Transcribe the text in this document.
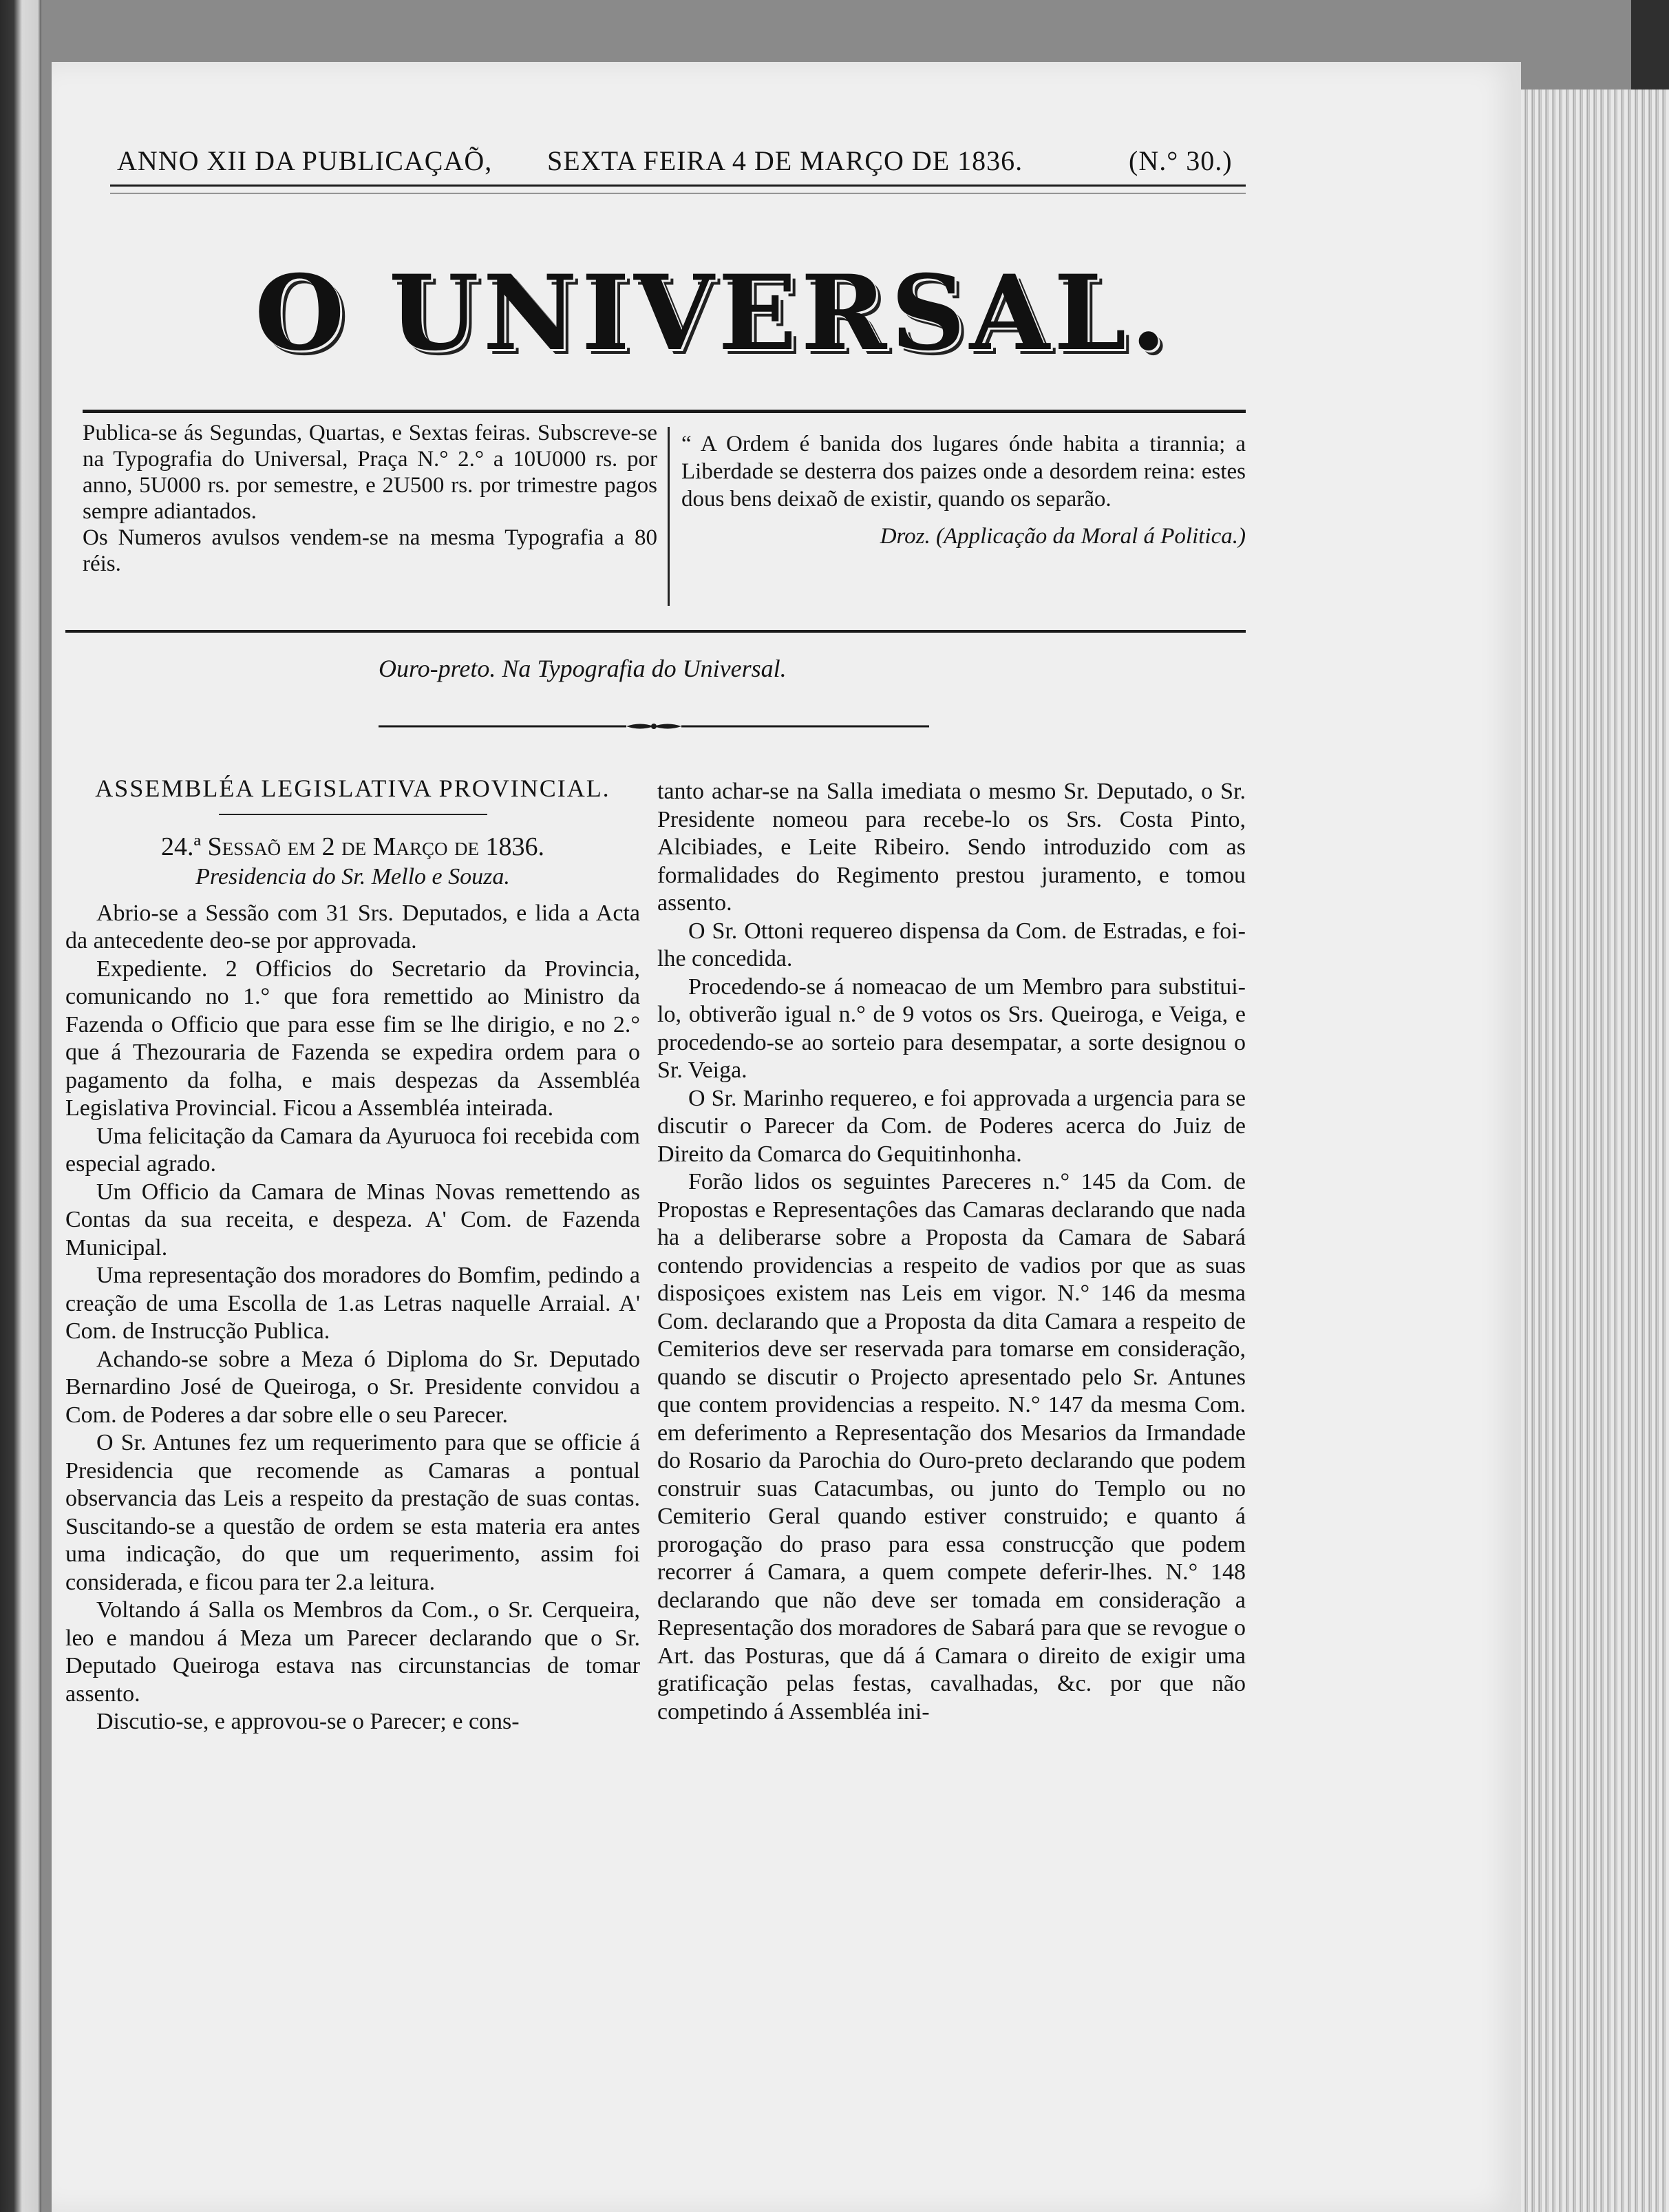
ANNO XII DA PUBLICAÇAÕ, SEXTA FEIRA 4 DE MARÇO DE 1836.	(N.° 30.)
O UNIVERSAL.
Publica-se ás Segundas, Quartas, e Sextas feiras. Subscreve-se na Typografia do Universal, Praça N.° 2.° a 10U000 rs. por anno, 5U000 rs. por semestre, e 2U500 rs. por trimestre pagos sempre adiantados.
Os Numeros avulsos vendem-se na mesma Typografia a 80 réis.
“ A Ordem é banida dos lugares ónde habita a tirannia; a Liberdade se desterra dos paizes onde a desordem reina: estes dous bens deixaõ de existir, quando os separão.
Droz. (Applicação da Moral á Politica.)
Ouro-preto. Na Typografia do Universal.
ASSEMBLÉA LEGISLATIVA PROVINCIAL.
24.ª Sessaõ em 2 de Março de 1836.
Presidencia do Sr. Mello e Souza.

Abrio-se a Sessão com 31 Srs. Deputados, e lida a Acta da antecedente deo-se por approvada.

Expediente. 2 Officios do Secretario da Provincia, comunicando no 1.° que fora remettido ao Ministro da Fazenda o Officio que para esse fim se lhe dirigio, e no 2.° que á Thezouraria de Fazenda se expedira ordem para o pagamento da folha, e mais despezas da Assembléa Legislativa Provincial. Ficou a Assembléa inteirada.

Uma felicitação da Camara da Ayuruoca foi recebida com especial agrado.

Um Officio da Camara de Minas Novas remettendo as Contas da sua receita, e despeza. A' Com. de Fazenda Municipal.

Uma representação dos moradores do Bomfim, pedindo a creação de uma Escolla de 1.as Letras naquelle Arraial. A' Com. de Instrucção Publica.

Achando-se sobre a Meza ó Diploma do Sr. Deputado Bernardino José de Queiroga, o Sr. Presidente convidou a Com. de Poderes a dar sobre elle o seu Parecer.

O Sr. Antunes fez um requerimento para que se officie á Presidencia que recomende as Camaras a pontual observancia das Leis a respeito da prestação de suas contas. Suscitando-se a questão de ordem se esta materia era antes uma indicação, do que um requerimento, assim foi considerada, e ficou para ter 2.a leitura.

Voltando á Salla os Membros da Com., o Sr. Cerqueira, leo e mandou á Meza um Parecer declarando que o Sr. Deputado Queiroga estava nas circunstancias de tomar assento.

Discutio-se, e approvou-se o Parecer; e cons-

tanto achar-se na Salla imediata o mesmo Sr. Deputado, o Sr. Presidente nomeou para recebe-lo os Srs. Costa Pinto, Alcibiades, e Leite Ribeiro. Sendo introduzido com as formalidades do Regimento prestou juramento, e tomou assento.

O Sr. Ottoni requereo dispensa da Com. de Estradas, e foi-lhe concedida.

Procedendo-se á nomeacao de um Membro para substitui-lo, obtiverão igual n.° de 9 votos os Srs. Queiroga, e Veiga, e procedendo-se ao sorteio para desempatar, a sorte designou o Sr. Veiga.

O Sr. Marinho requereo, e foi approvada a urgencia para se discutir o Parecer da Com. de Poderes acerca do Juiz de Direito da Comarca do Gequitinhonha.

Forão lidos os seguintes Pareceres n.° 145 da Com. de Propostas e Representaçôes das Camaras declarando que nada ha a deliberarse sobre a Proposta da Camara de Sabará contendo providencias a respeito de vadios por que as suas disposiçoes existem nas Leis em vigor. N.° 146 da mesma Com. declarando que a Proposta da dita Camara a respeito de Cemiterios deve ser reservada para tomarse em consideração, quando se discutir o Projecto apresentado pelo Sr. Antunes que contem providencias a respeito. N.° 147 da mesma Com. em deferimento a Representação dos Mesarios da Irmandade do Rosario da Parochia do Ouro-preto declarando que podem construir suas Catacumbas, ou junto do Templo ou no Cemiterio Geral quando estiver construido; e quanto á prorogação do praso para essa construcção que podem recorrer á Camara, a quem compete deferir-lhes. N.° 148 declarando que não deve ser tomada em consideração a Representação dos moradores de Sabará para que se revogue o Art. das Posturas, que dá á Camara o direito de exigir uma gratificação pelas festas, cavalhadas, &c. por que não competindo á Assembléa ini-
